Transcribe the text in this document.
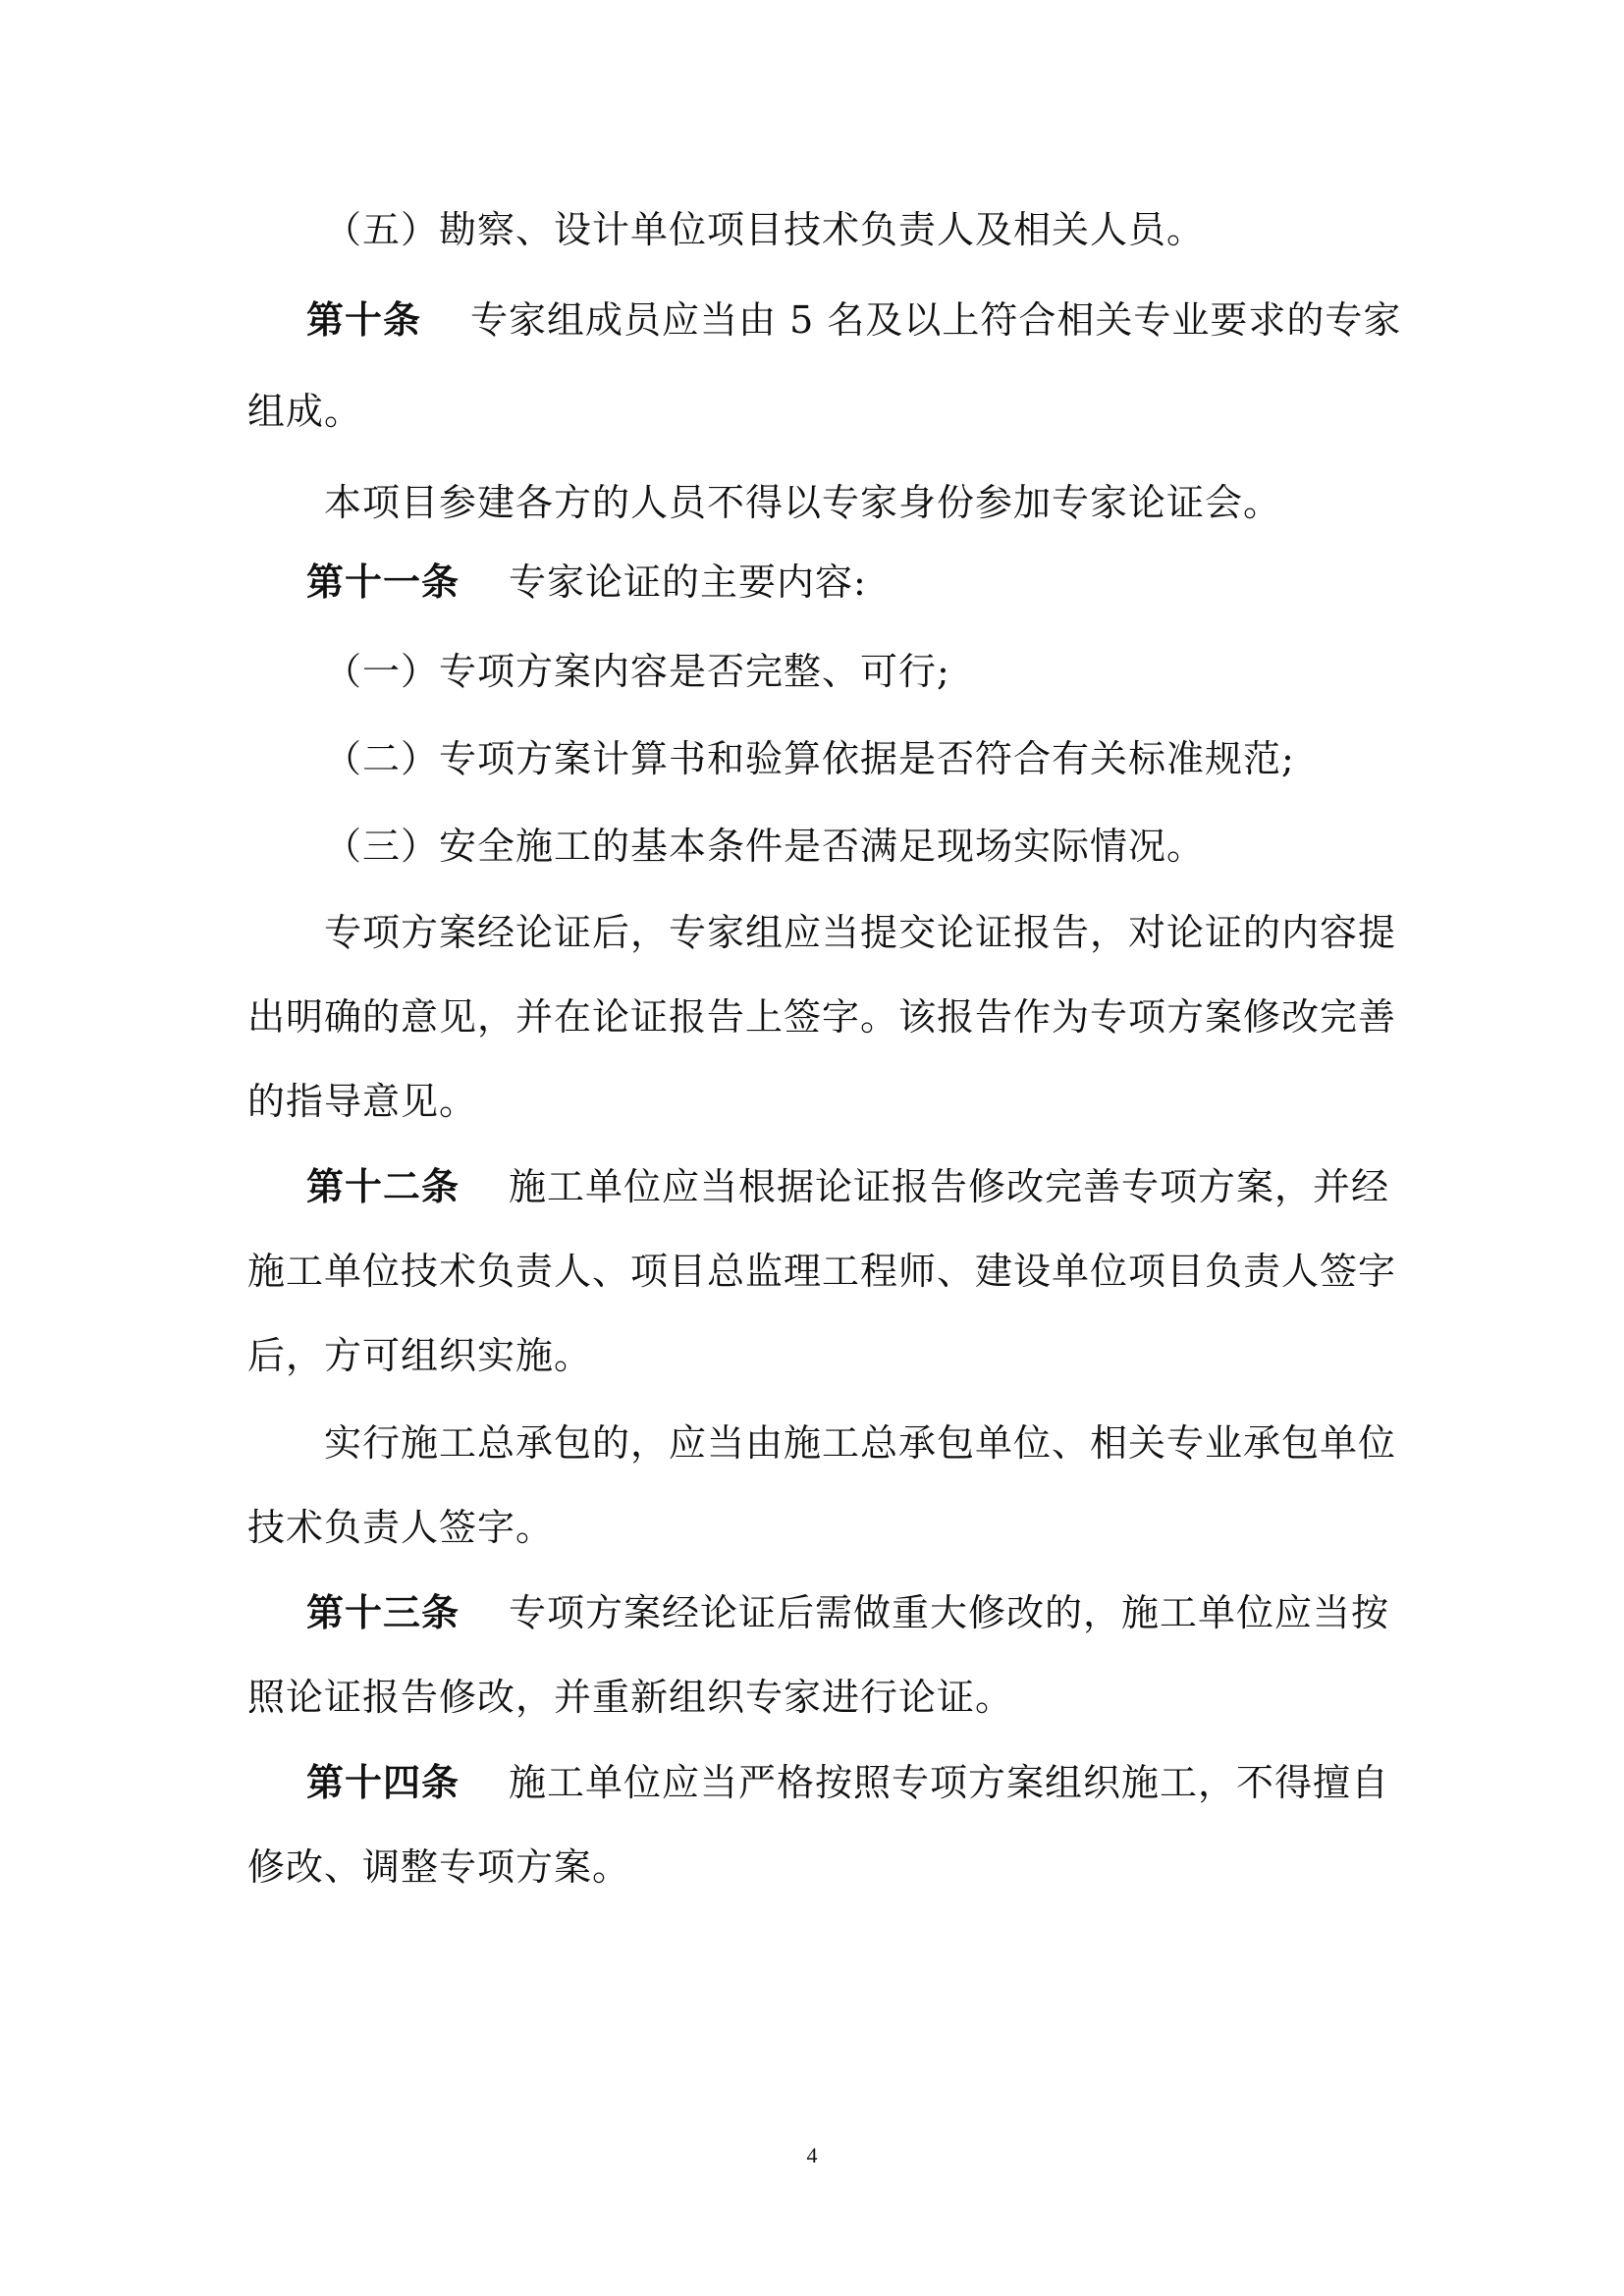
（五）勘察、设计单位项目技术负责人及相关人员。
第十条 专家组成员应当由 5 名及以上符合相关专业要求的专家
组成。
本项目参建各方的人员不得以专家身份参加专家论证会。
第十一条 专家论证的主要内容:
（一）专项方案内容是否完整、可行;
（二）专项方案计算书和验算依据是否符合有关标准规范;
（三）安全施工的基本条件是否满足现场实际情况。
专项方案经论证后，专家组应当提交论证报告，对论证的内容提
出明确的意见，并在论证报告上签字。该报告作为专项方案修改完善
的指导意见。
第十二条 施工单位应当根据论证报告修改完善专项方案，并经
施工单位技术负责人、项目总监理工程师、建设单位项目负责人签字
后，方可组织实施。
实行施工总承包的，应当由施工总承包单位、相关专业承包单位
技术负责人签字。
第十三条 专项方案经论证后需做重大修改的，施工单位应当按
照论证报告修改，并重新组织专家进行论证。
第十四条 施工单位应当严格按照专项方案组织施工，不得擅自
修改、调整专项方案。
4
